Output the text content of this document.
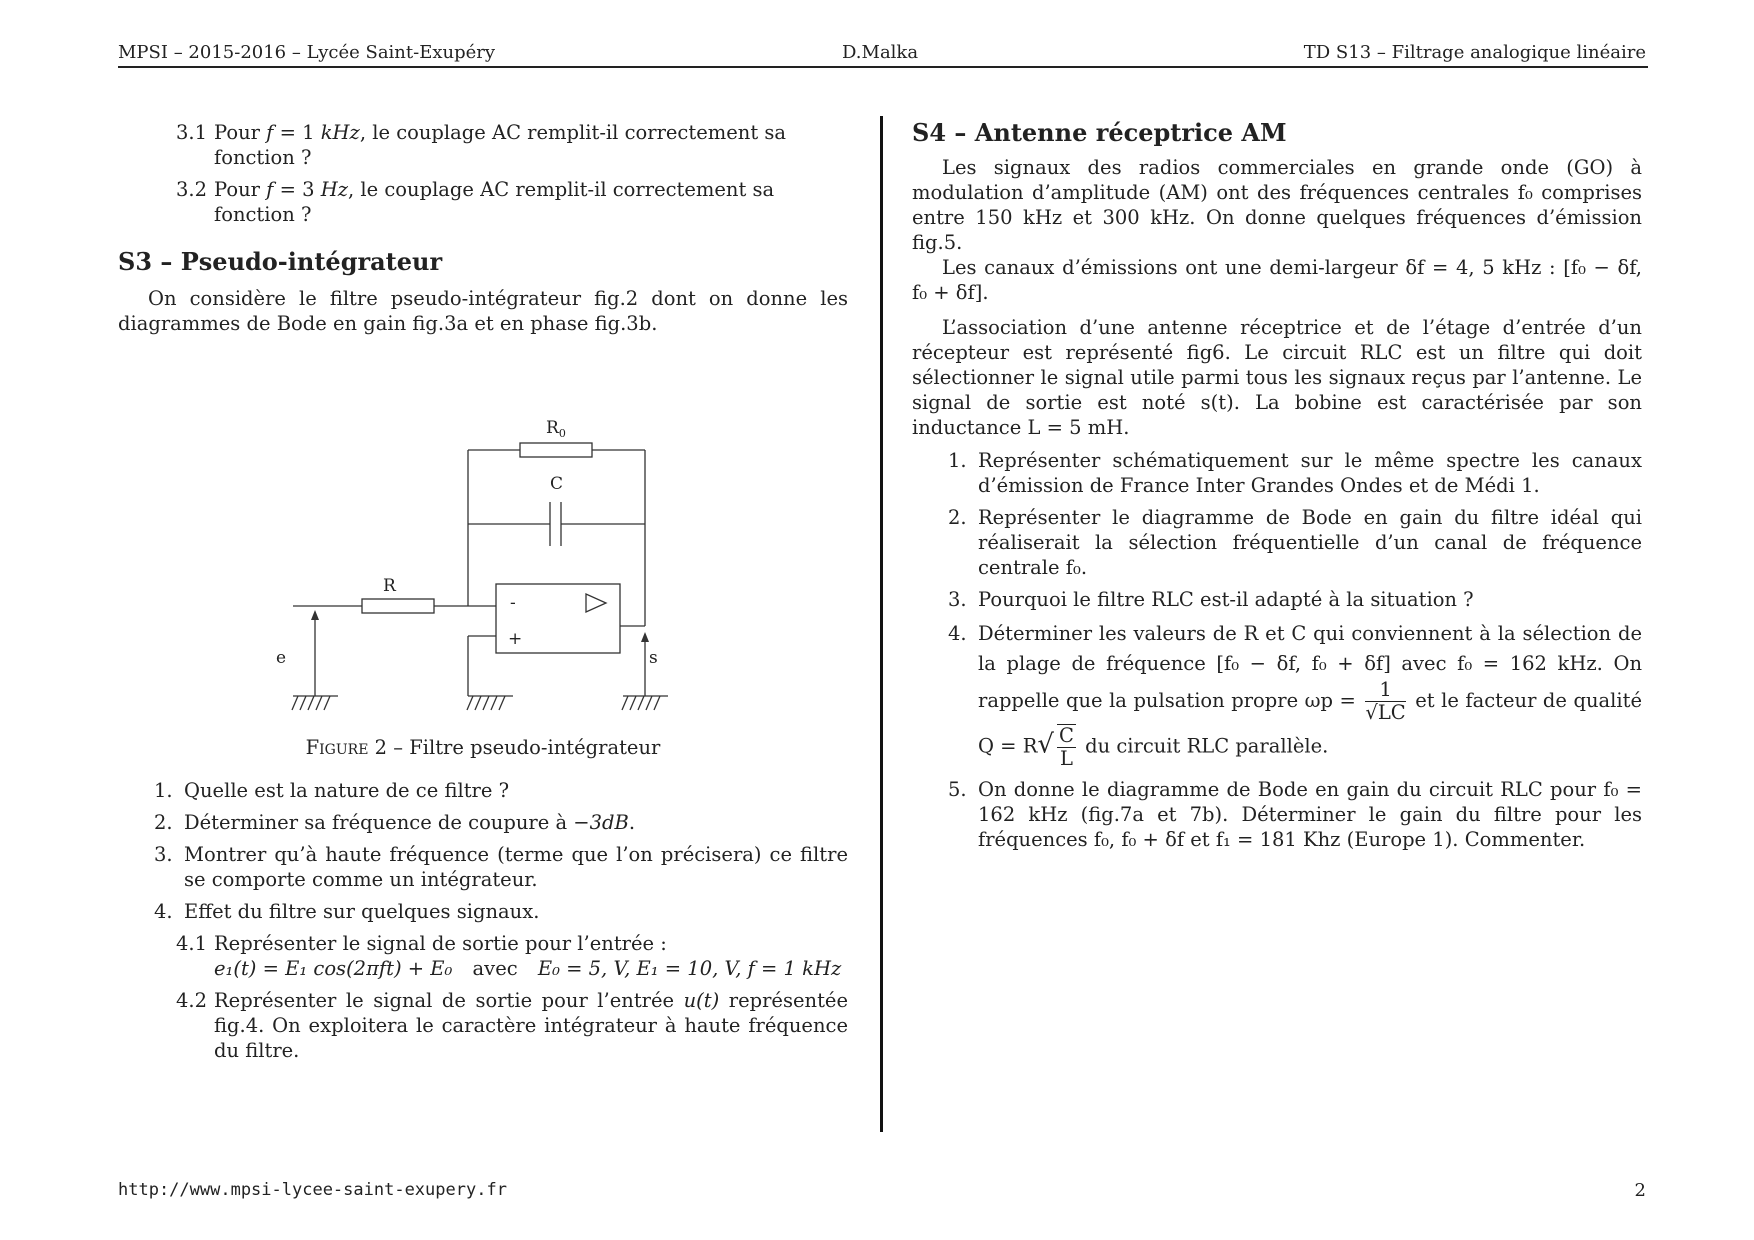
MPSI – 2015-2016 – Lycée Saint-Exupéry	D.Malka	TD S13 – Filtrage analogique linéaire
3.1 Pour f = 1 kHz, le couplage AC remplit-il correctement sa fonction ?
3.2 Pour f = 3 Hz, le couplage AC remplit-il correctement sa fonction ?
S3 – Pseudo-intégrateur

On considère le filtre pseudo-intégrateur fig.2 dont on donne les diagrammes de Bode en gain fig.3a et en phase fig.3b.

$R_0$
C
R
-
+
e	s
Figure 2 – Filtre pseudo-intégrateur
1. Quelle est la nature de ce filtre ?
2. Déterminer sa fréquence de coupure à −3dB.
3. Montrer qu’à haute fréquence (terme que l’on précisera) ce filtre se comporte comme un intégrateur.
4. Effet du filtre sur quelques signaux.
4.1 Représenter le signal de sortie pour l’entrée :
e₁(t) = E₁ cos(2πft) + E₀ avec E₀ = 5, V, E₁ = 10, V, f = 1 kHz
4.2 Représenter le signal de sortie pour l’entrée u(t) représentée fig.4. On exploitera le caractère intégrateur à haute fréquence du filtre.
S4 – Antenne réceptrice AM

Les signaux des radios commerciales en grande onde (GO) à modulation d’amplitude (AM) ont des fréquences centrales f₀ comprises entre 150 kHz et 300 kHz. On donne quelques fréquences d’émission fig.5.

Les canaux d’émissions ont une demi-largeur δf = 4, 5 kHz : [f₀ − δf, f₀ + δf].

L’association d’une antenne réceptrice et de l’étage d’entrée d’un récepteur est représenté fig6. Le circuit RLC est un filtre qui doit sélectionner le signal utile parmi tous les signaux reçus par l’antenne. Le signal de sortie est noté s(t). La bobine est caractérisée par son inductance L = 5 mH.

1. Représenter schématiquement sur le même spectre les canaux d’émission de France Inter Grandes Ondes et de Médi 1.
2. Représenter le diagramme de Bode en gain du filtre idéal qui réaliserait la sélection fréquentielle d’un canal de fréquence centrale f₀.
3. Pourquoi le filtre RLC est-il adapté à la situation ?
4. Déterminer les valeurs de R et C qui conviennent à la sélection de la plage de fréquence [f₀ − δf, f₀ + δf] avec f₀ = 162 kHz. On rappelle que la pulsation propre $\omega p = \frac{1}{√LC}$ et le facteur de qualité $Q = R√ \frac{C}{L}$ du circuit RLC parallèle.
5. On donne le diagramme de Bode en gain du circuit RLC pour f₀ = 162 kHz (fig.7a et 7b). Déterminer le gain du filtre pour les fréquences f₀, f₀ + δf et f₁ = 181 Khz (Europe 1). Commenter.
http://www.mpsi-lycee-saint-exupery.fr	2
